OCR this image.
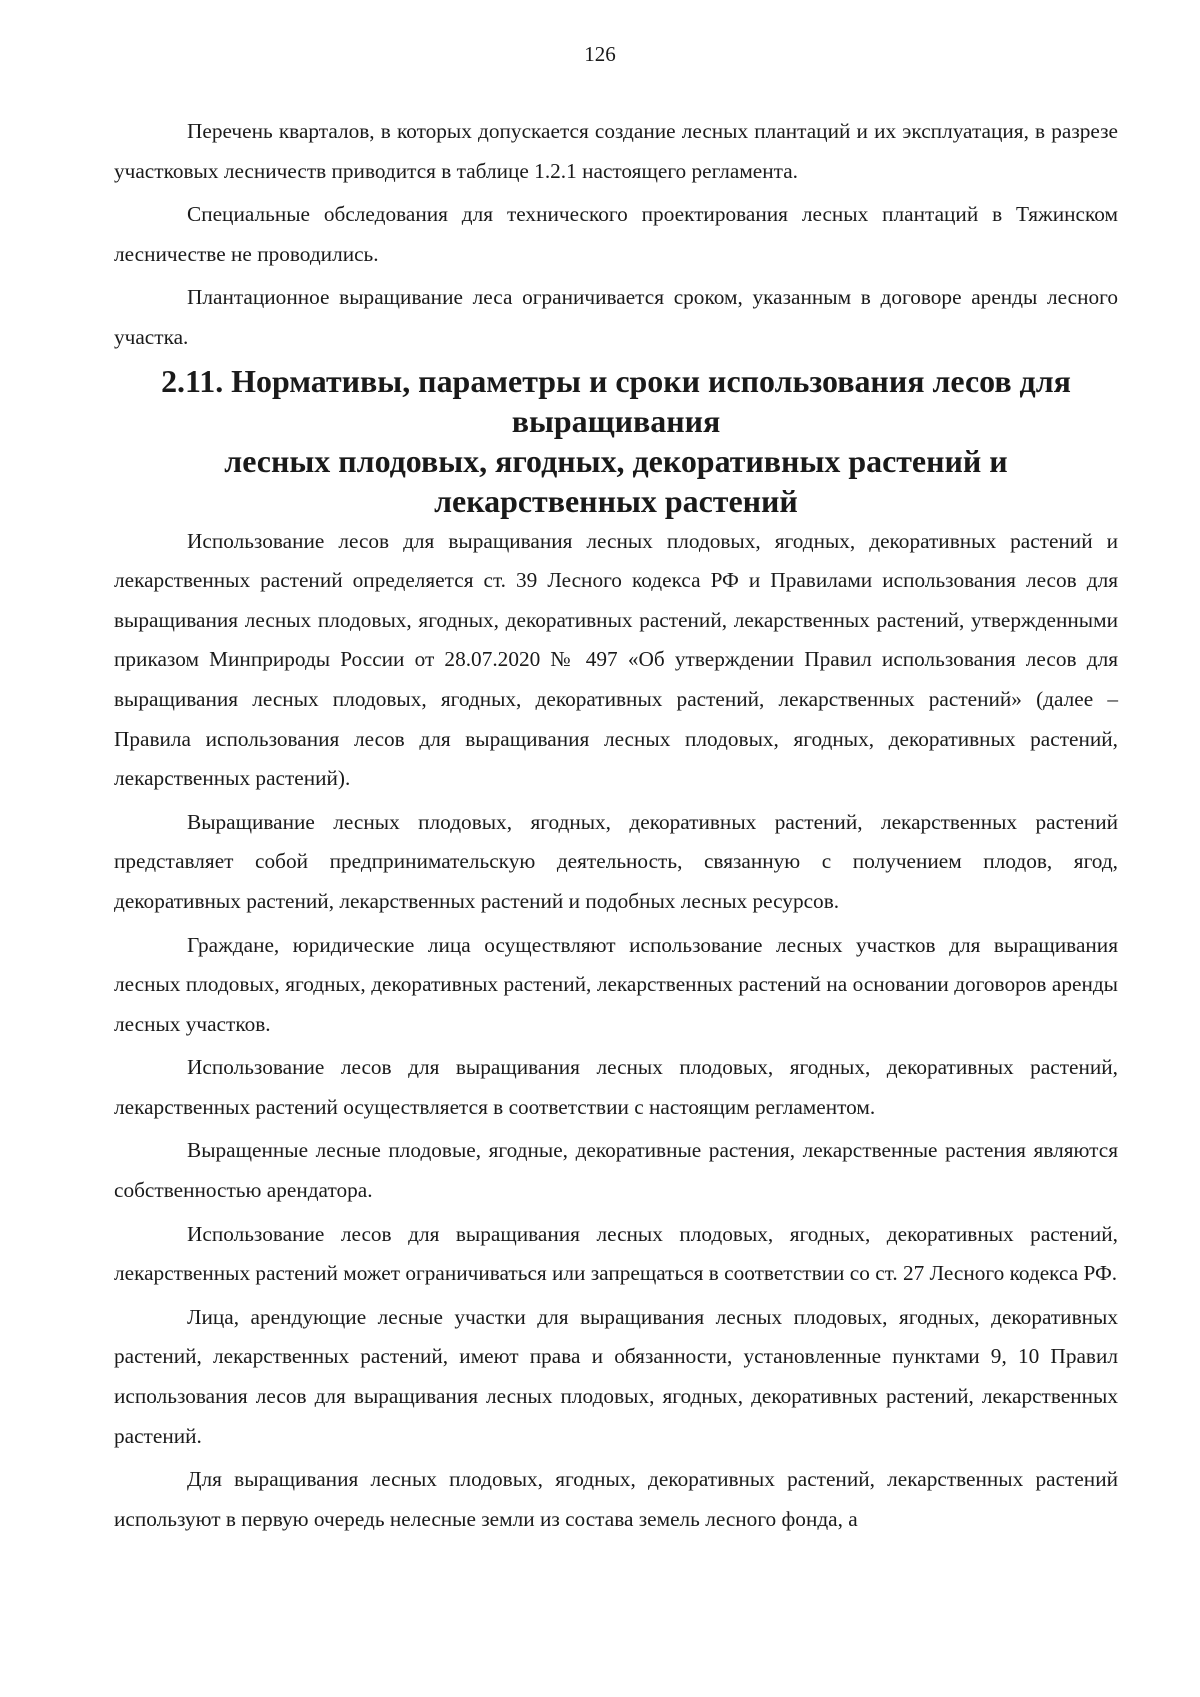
126

Перечень кварталов, в которых допускается создание лесных плантаций и их эксплуатация, в разрезе участковых лесничеств приводится в таблице 1.2.1 настоящего регламента.

Специальные обследования для технического проектирования лесных плантаций в Тяжинском лесничестве не проводились.

Плантационное выращивание леса ограничивается сроком, указанным в договоре аренды лесного участка.

2.11. Нормативы, параметры и сроки использования лесов для выращивания
лесных плодовых, ягодных, декоративных растений и лекарственных растений

Использование лесов для выращивания лесных плодовых, ягодных, декоративных растений и лекарственных растений определяется ст. 39 Лесного кодекса РФ и Правилами использования лесов для выращивания лесных плодовых, ягодных, декоративных растений, лекарственных растений, утвержденными приказом Минприроды России от 28.07.2020 № 497 «Об утверждении Правил использования лесов для выращивания лесных плодовых, ягодных, декоративных растений, лекарственных растений» (далее – Правила использования лесов для выращивания лесных плодовых, ягодных, декоративных растений, лекарственных растений).

Выращивание лесных плодовых, ягодных, декоративных растений, лекарственных растений представляет собой предпринимательскую деятельность, связанную с получением плодов, ягод, декоративных растений, лекарственных растений и подобных лесных ресурсов.

Граждане, юридические лица осуществляют использование лесных участков для выращивания лесных плодовых, ягодных, декоративных растений, лекарственных растений на основании договоров аренды лесных участков.

Использование лесов для выращивания лесных плодовых, ягодных, декоративных растений, лекарственных растений осуществляется в соответствии с настоящим регламентом.

Выращенные лесные плодовые, ягодные, декоративные растения, лекарственные растения являются собственностью арендатора.

Использование лесов для выращивания лесных плодовых, ягодных, декоративных растений, лекарственных растений может ограничиваться или запрещаться в соответствии со ст. 27 Лесного кодекса РФ.

Лица, арендующие лесные участки для выращивания лесных плодовых, ягодных, декоративных растений, лекарственных растений, имеют права и обязанности, установленные пунктами 9, 10 Правил использования лесов для выращивания лесных плодовых, ягодных, декоративных растений, лекарственных растений.

Для выращивания лесных плодовых, ягодных, декоративных растений, лекарственных растений используют в первую очередь нелесные земли из состава земель лесного фонда, а
